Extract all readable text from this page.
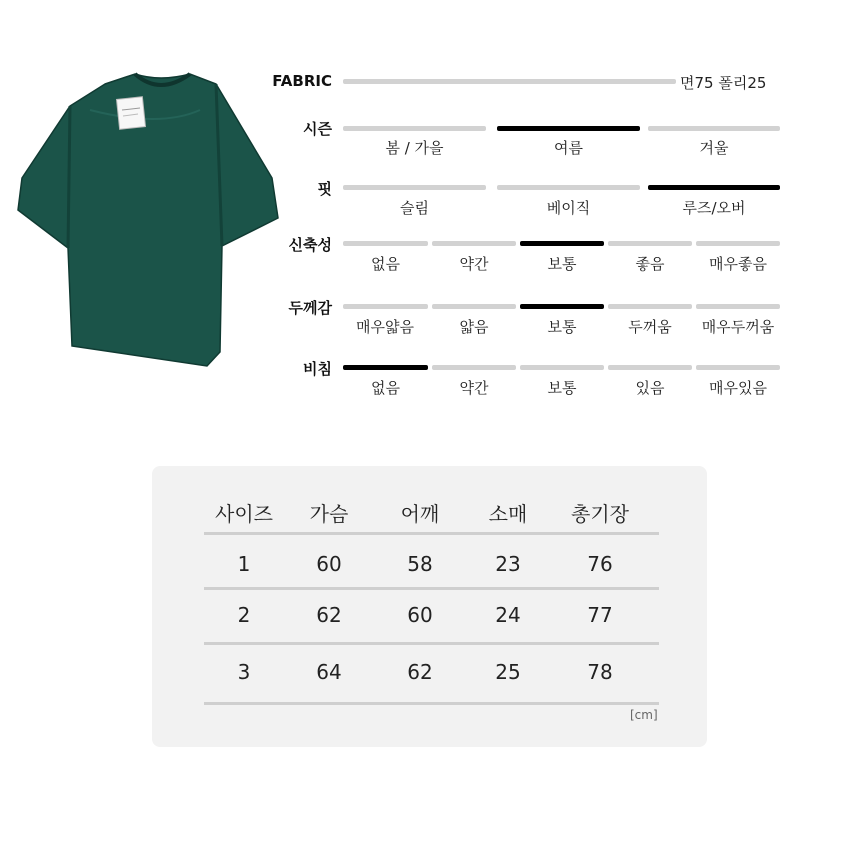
FABRIC	면75 폴리25
시즌
봄 / 가을	여름	겨울
핏
슬림	베이직	루즈/오버
신축성
없음	약간	보통	좋음	매우좋음
두께감
매우얇음	얇음	보통	두꺼움	매우두꺼움
비침
없음	약간	보통	있음	매우있음
사이즈	가슴	어깨	소매	총기장
1	60	58	23	76
2	62	60	24	77
3	64	62	25	78
[cm]
